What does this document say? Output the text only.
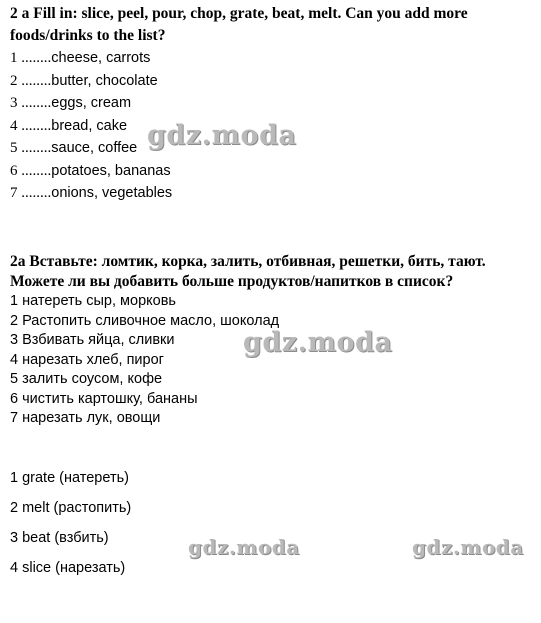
2 a Fill in: slice, peel, pour, chop, grate, beat, melt. Can you add more

foods/drinks to the list?

1 ........cheese, carrots
2 ........butter, chocolate
3 ........eggs, cream
4 ........bread, cake
5 ........sauce, coffee
6 ........potatoes, bananas
7 ........onions, vegetables

2a Вставьте: ломтик, корка, залить, отбивная, решетки, бить, тают.

Можете ли вы добавить больше продуктов/напитков в список?

1 натереть сыр, морковь
2 Растопить сливочное масло, шоколад
3 Взбивать яйца, сливки
4 нарезать хлеб, пирог
5 залить соусом, кофе
6 чистить картошку, бананы
7 нарезать лук, овощи
1 grate (натереть)
2 melt (растопить)
3 beat (взбить)
4 slice (нарезать)
gdz.moda
gdz.moda
gdz.moda	gdz.moda
